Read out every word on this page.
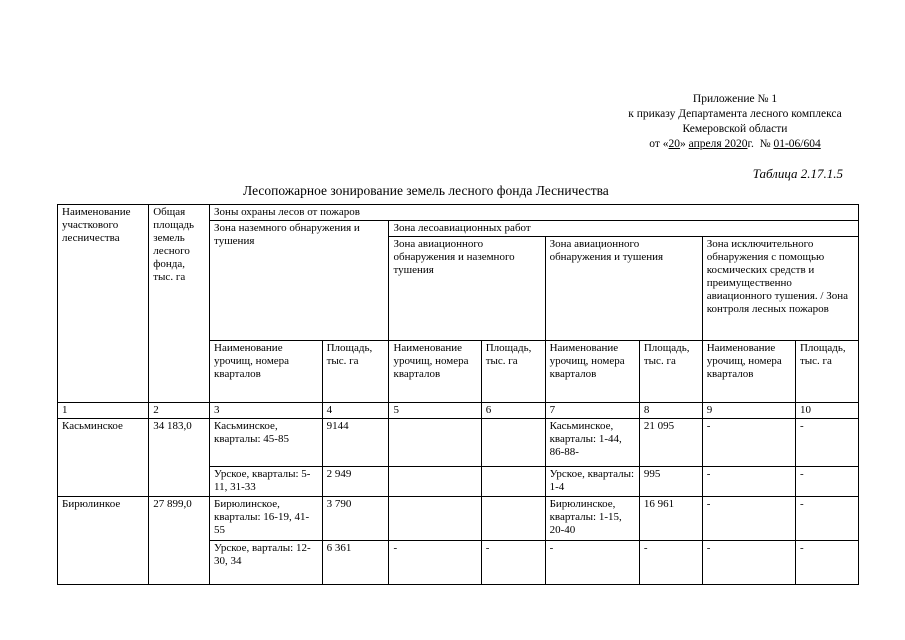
Приложение № 1
к приказу Департамента лесного комплекса
Кемеровской области
от «20» апреля 2020г. № 01-06/604
Таблица 2.17.1.5
Лесопожарное зонирование земель лесного фонда Лесничества
Наименование участкового лесничества	Общая площадь земель лесного фонда, тыс. га	Зоны охраны лесов от пожаров							
		Зона наземного обнаружения и тушения		Зона лесоавиационных работ					
				Зона авиационного обнаружения и наземного тушения		Зона авиационного обнаружения и тушения		Зона исключительного обнаружения с помощью космических средств и преимущественно авиационного тушения. / Зона контроля лесных пожаров	
		Наименование урочищ, номера кварталов	Площадь, тыс. га	Наименование урочищ, номера кварталов	Площадь, тыс. га	Наименование урочищ, номера кварталов	Площадь, тыс. га	Наименование урочищ, номера кварталов	Площадь, тыс. га
1	2	3	4	5	6	7	8	9	10
Касьминское	34 183,0	Касьминское, кварталы: 45-85	9144			Касьминское, кварталы: 1-44, 86-88-	21 095	-	-
		Урское, кварталы: 5-11, 31-33	2 949			Урское, кварталы: 1-4	995	-	-
Бирюлинкое	27 899,0	Бирюлинское, кварталы: 16-19, 41-55	3 790			Бирюлинское, кварталы: 1-15, 20-40	16 961	-	-
		Урское, варталы: 12-30, 34	6 361	-	-	-	-	-	-
